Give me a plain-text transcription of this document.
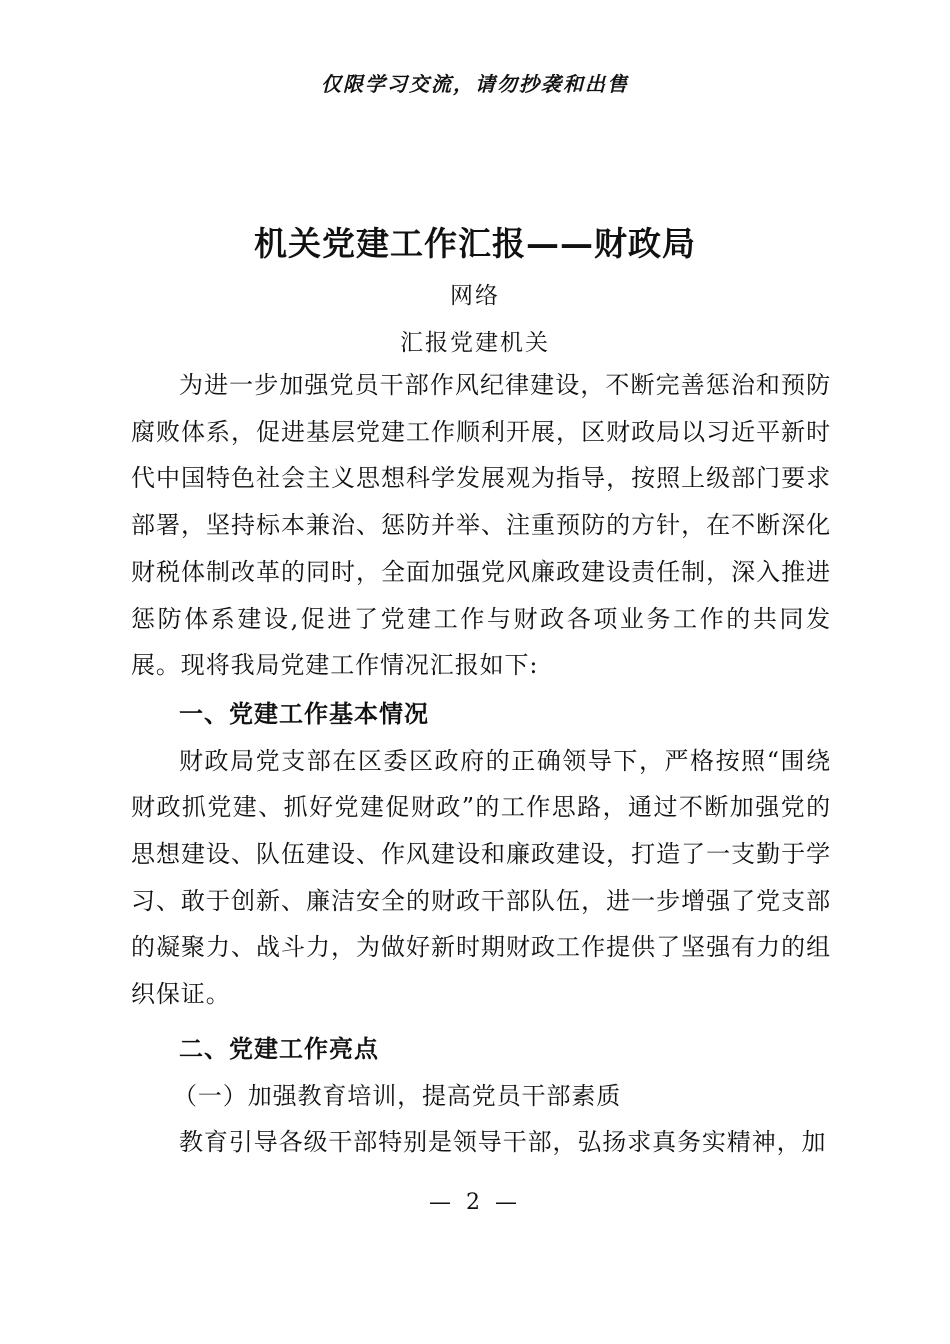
仅限学习交流，请勿抄袭和出售
机关党建工作汇报——财政局
网络
汇报党建机关

为进一步加强党员干部作风纪律建设，不断完善惩治和预防腐败体系，促进基层党建工作顺利开展，区财政局以习近平新时代中国特色社会主义思想科学发展观为指导，按照上级部门要求部署，坚持标本兼治、惩防并举、注重预防的方针，在不断深化财税体制改革的同时，全面加强党风廉政建设责任制，深入推进惩防体系建设,促进了党建工作与财政各项业务工作的共同发展。现将我局党建工作情况汇报如下:

一、党建工作基本情况

财政局党支部在区委区政府的正确领导下，严格按照“围绕财政抓党建、抓好党建促财政”的工作思路，通过不断加强党的思想建设、队伍建设、作风建设和廉政建设，打造了一支勤于学习、敢于创新、廉洁安全的财政干部队伍，进一步增强了党支部的凝聚力、战斗力，为做好新时期财政工作提供了坚强有力的组织保证。

二、党建工作亮点

（一）加强教育培训，提高党员干部素质

教育引导各级干部特别是领导干部，弘扬求真务实精神，加

— 2 —
